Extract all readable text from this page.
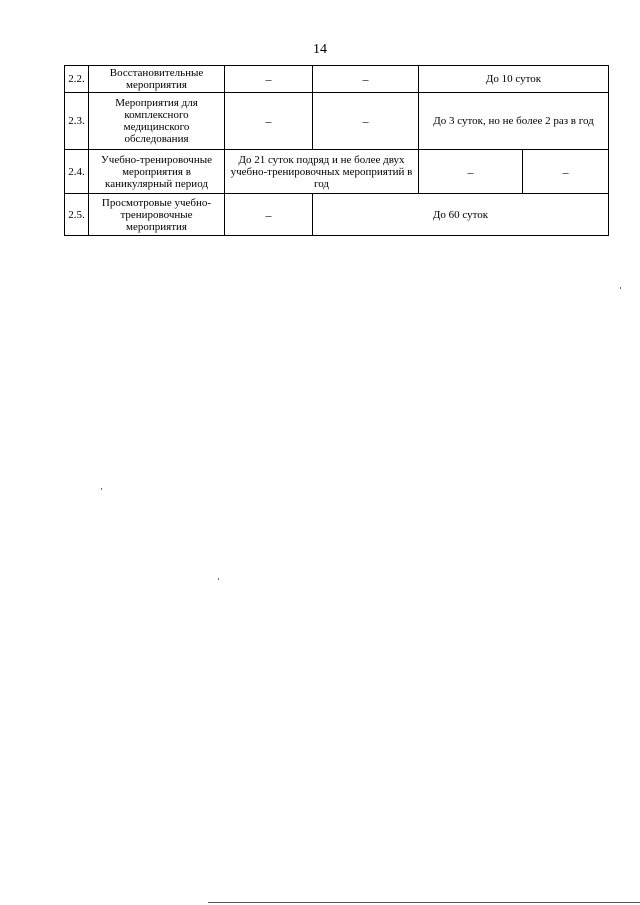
14
2.2.	Восстановительные мероприятия	–	–	До 10 суток	
2.3.	Мероприятия для комплексного медицинского обследования	–	–	До 3 суток, но не более 2 раз в год	
2.4.	Учебно-тренировочные мероприятия в каникулярный период	До 21 суток подряд и не более двух учебно-тренировочных мероприятий в год		–	–
2.5.	Просмотровые учебно-тренировочные мероприятия	–	До 60 суток		
